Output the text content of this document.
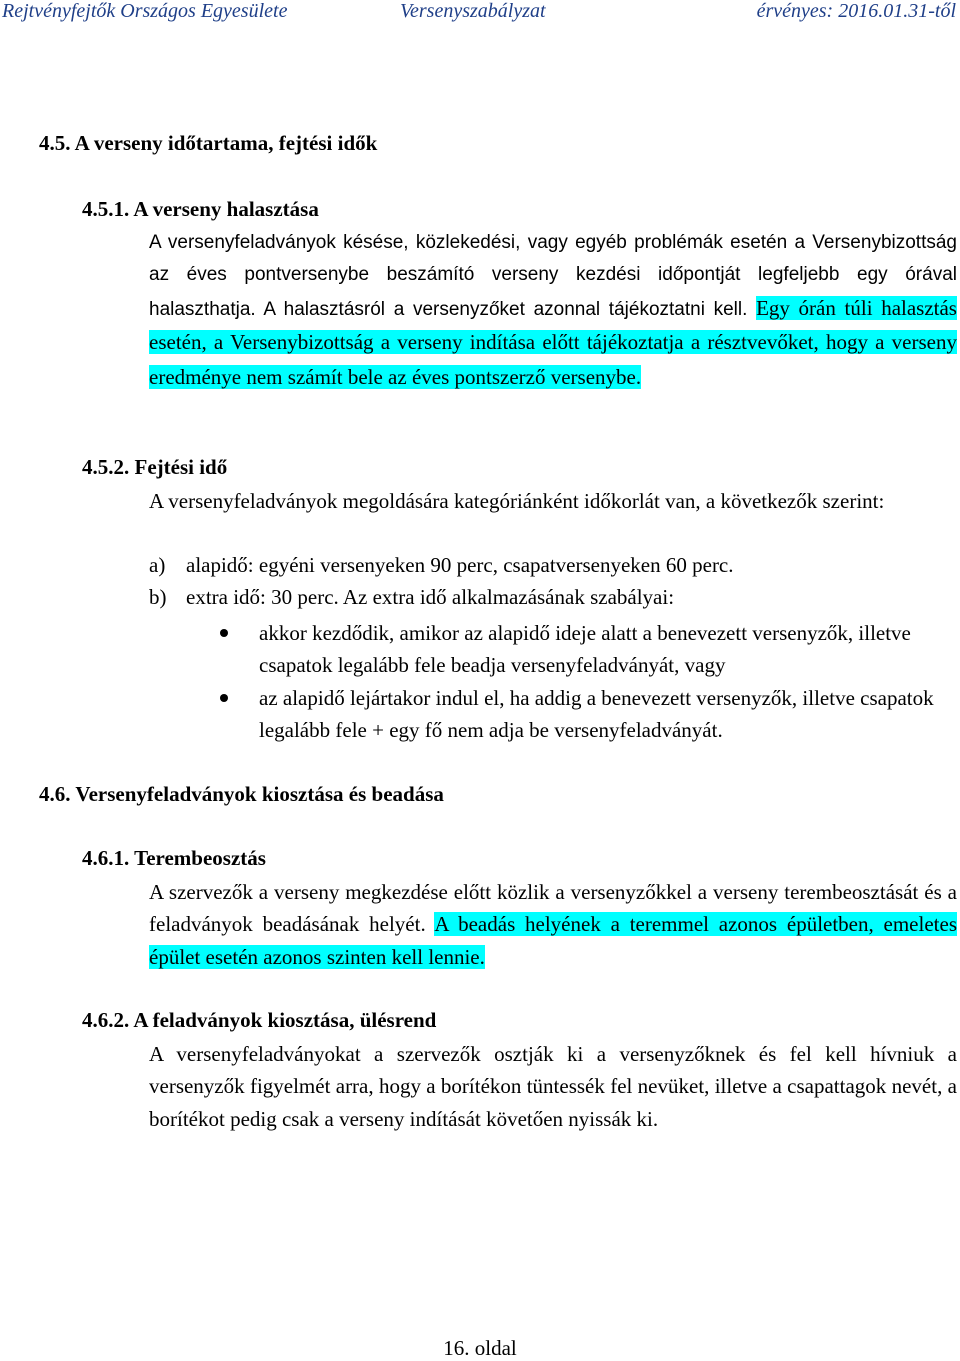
Rejtvényfejtők Országos Egyesülete	Versenyszabályzat	érvényes: 2016.01.31-től
4.5. A verseny időtartama, fejtési idők
4.5.1. A verseny halasztása

A versenyfeladványok késése, közlekedési, vagy egyéb problémák esetén a Versenybizottság az éves pontversenybe beszámító verseny kezdési időpontját legfeljebb egy órával halaszthatja. A halasztásról a versenyzőket azonnal tájékoztatni kell. Egy órán túli halasztás esetén, a Versenybizottság a verseny indítása előtt tájékoztatja a résztvevőket, hogy a verseny eredménye nem számít bele az éves pontszerző versenybe.

4.5.2. Fejtési idő

A versenyfeladványok megoldására kategóriánként időkorlát van, a következők szerint:

a) alapidő: egyéni versenyeken 90 perc, csapatversenyeken 60 perc.
b) extra idő: 30 perc. Az extra idő alkalmazásának szabályai:

akkor kezdődik, amikor az alapidő ideje alatt a benevezett versenyzők, illetve csapatok legalább fele beadja versenyfeladványát, vagy

az alapidő lejártakor indul el, ha addig a benevezett versenyzők, illetve csapatok legalább fele + egy fő nem adja be versenyfeladványát.

4.6. Versenyfeladványok kiosztása és beadása
4.6.1. Terembeosztás

A szervezők a verseny megkezdése előtt közlik a versenyzőkkel a verseny terembeosztását és a feladványok beadásának helyét. A beadás helyének a teremmel azonos épületben, emeletes épület esetén azonos szinten kell lennie.

4.6.2. A feladványok kiosztása, ülésrend

A versenyfeladványokat a szervezők osztják ki a versenyzőknek és fel kell hívniuk a versenyzők figyelmét arra, hogy a borítékon tüntessék fel nevüket, illetve a csapattagok nevét, a borítékot pedig csak a verseny indítását követően nyissák ki.

16. oldal
